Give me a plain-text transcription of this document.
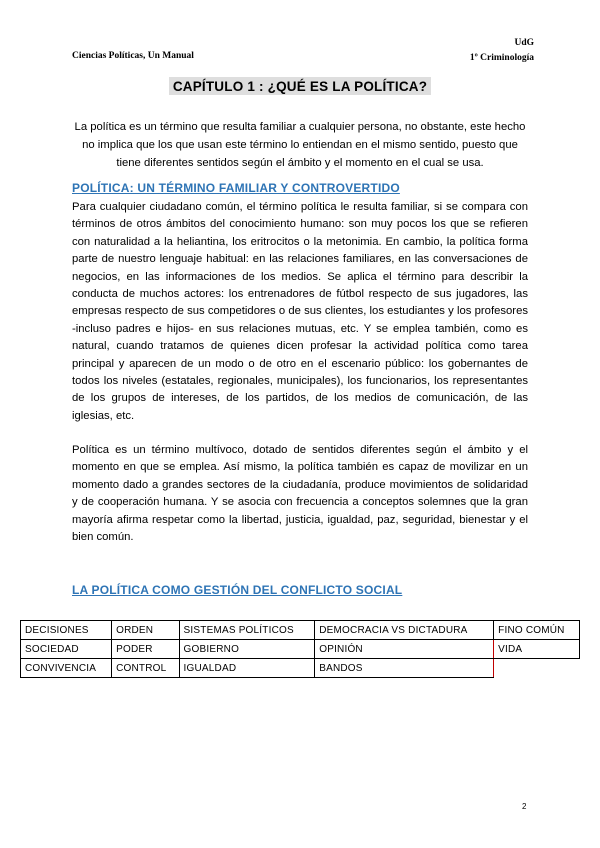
UdG
1º Criminología
Ciencias Políticas, Un Manual
CAPÍTULO 1 : ¿QUÉ ES LA POLÍTICA?
La política es un término que resulta familiar a cualquier persona, no obstante, este hecho no implica que los que usan este término lo entiendan en el mismo sentido, puesto que tiene diferentes sentidos según el ámbito y el momento en el cual se usa.
POLÍTICA: UN TÉRMINO FAMILIAR Y CONTROVERTIDO
Para cualquier ciudadano común, el término política le resulta familiar, si se compara con términos de otros ámbitos del conocimiento humano: son muy pocos los que se refieren con naturalidad a la heliantina, los eritrocitos o la metonimia. En cambio, la política forma parte de nuestro lenguaje habitual: en las relaciones familiares, en las conversaciones de negocios, en las informaciones de los medios. Se aplica el término para describir la conducta de muchos actores: los entrenadores de fútbol respecto de sus jugadores, las empresas respecto de sus competidores o de sus clientes, los estudiantes y los profesores -incluso padres e hijos- en sus relaciones mutuas, etc. Y se emplea también, como es natural, cuando tratamos de quienes dicen profesar la actividad política como tarea principal y aparecen de un modo o de otro en el escenario público: los gobernantes de todos los niveles (estatales, regionales, municipales), los funcionarios, los representantes de los grupos de intereses, de los partidos, de los medios de comunicación, de las iglesias, etc.
Política es un término multívoco, dotado de sentidos diferentes según el ámbito y el momento en que se emplea. Así mismo, la política también es capaz de movilizar en un momento dado a grandes sectores de la ciudadanía, produce movimientos de solidaridad y de cooperación humana. Y se asocia con frecuencia a conceptos solemnes que la gran mayoría afirma respetar como la libertad, justicia, igualdad, paz, seguridad, bienestar y el bien común.
LA POLÍTICA COMO GESTIÓN DEL CONFLICTO SOCIAL
DECISIONES	ORDEN	SISTEMAS POLÍTICOS	DEMOCRACIA VS DICTADURA	FINO COMÚN
SOCIEDAD	PODER	GOBIERNO	OPINIÓN	VIDA
CONVIVENCIA	CONTROL	IGUALDAD	BANDOS	
2
